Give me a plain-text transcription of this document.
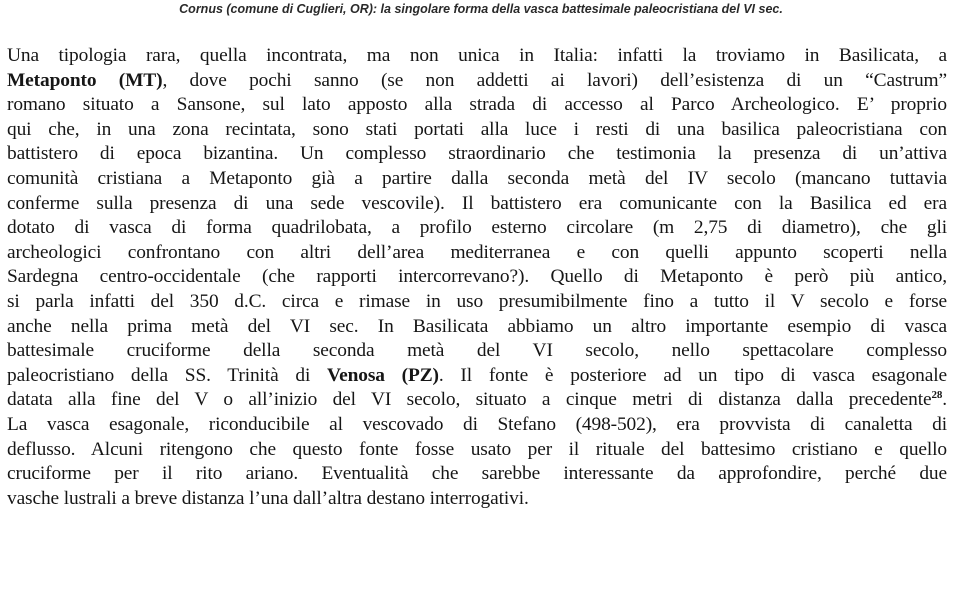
Cornus (comune di Cuglieri, OR): la singolare forma della vasca battesimale paleocristiana del VI sec.
Una tipologia rara, quella incontrata, ma non unica in Italia: infatti la troviamo in Basilicata, a
Metaponto (MT), dove pochi sanno (se non addetti ai lavori) dell’esistenza di un “Castrum”
romano situato a Sansone, sul lato apposto alla strada di accesso al Parco Archeologico. E’ proprio
qui che, in una zona recintata, sono stati portati alla luce i resti di una basilica paleocristiana con
battistero di epoca bizantina. Un complesso straordinario che testimonia la presenza di un’attiva
comunità cristiana a Metaponto già a partire dalla seconda metà del IV secolo (mancano tuttavia
conferme sulla presenza di una sede vescovile). Il battistero era comunicante con la Basilica ed era
dotato di vasca di forma quadrilobata, a profilo esterno circolare (m 2,75 di diametro), che gli
archeologici confrontano con altri dell’area mediterranea e con quelli appunto scoperti nella
Sardegna centro-occidentale (che rapporti intercorrevano?). Quello di Metaponto è però più antico,
si parla infatti del 350 d.C. circa e rimase in uso presumibilmente fino a tutto il V secolo e forse
anche nella prima metà del VI sec. In Basilicata abbiamo un altro importante esempio di vasca
battesimale cruciforme della seconda metà del VI secolo, nello spettacolare complesso
paleocristiano della SS. Trinità di Venosa (PZ). Il fonte è posteriore ad un tipo di vasca esagonale
datata alla fine del V o all’inizio del VI secolo, situato a cinque metri di distanza dalla precedente$^{28}$.
La vasca esagonale, riconducibile al vescovado di Stefano (498-502), era provvista di canaletta di
deflusso. Alcuni ritengono che questo fonte fosse usato per il rituale del battesimo cristiano e quello
cruciforme per il rito ariano. Eventualità che sarebbe interessante da approfondire, perché due
vasche lustrali a breve distanza l’una dall’altra destano interrogativi.
